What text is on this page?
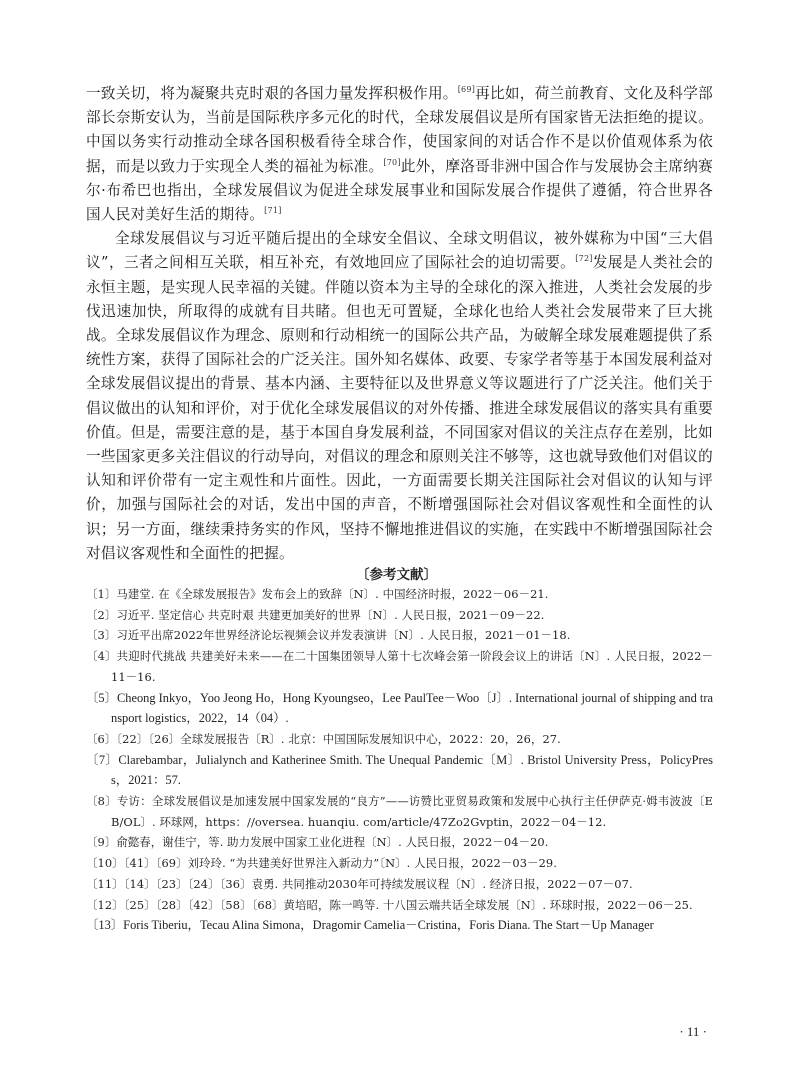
一致关切，将为凝聚共克时艰的各国力量发挥积极作用。[69]再比如，荷兰前教育、文化及科学部部长奈斯安认为，当前是国际秩序多元化的时代，全球发展倡议是所有国家皆无法拒绝的提议。中国以务实行动推动全球各国积极看待全球合作，使国家间的对话合作不是以价值观体系为依据，而是以致力于实现全人类的福祉为标准。[70]此外，摩洛哥非洲中国合作与发展协会主席纳赛尔·布希巴也指出，全球发展倡议为促进全球发展事业和国际发展合作提供了遵循，符合世界各国人民对美好生活的期待。[71]

全球发展倡议与习近平随后提出的全球安全倡议、全球文明倡议，被外媒称为中国“三大倡议”，三者之间相互关联，相互补充，有效地回应了国际社会的迫切需要。[72]发展是人类社会的永恒主题，是实现人民幸福的关键。伴随以资本为主导的全球化的深入推进，人类社会发展的步伐迅速加快，所取得的成就有目共睹。但也无可置疑，全球化也给人类社会发展带来了巨大挑战。全球发展倡议作为理念、原则和行动相统一的国际公共产品，为破解全球发展难题提供了系统性方案，获得了国际社会的广泛关注。国外知名媒体、政要、专家学者等基于本国发展利益对全球发展倡议提出的背景、基本内涵、主要特征以及世界意义等议题进行了广泛关注。他们关于倡议做出的认知和评价，对于优化全球发展倡议的对外传播、推进全球发展倡议的落实具有重要价值。但是，需要注意的是，基于本国自身发展利益，不同国家对倡议的关注点存在差别，比如一些国家更多关注倡议的行动导向，对倡议的理念和原则关注不够等，这也就导致他们对倡议的认知和评价带有一定主观性和片面性。因此，一方面需要长期关注国际社会对倡议的认知与评价，加强与国际社会的对话，发出中国的声音，不断增强国际社会对倡议客观性和全面性的认识；另一方面，继续秉持务实的作风，坚持不懈地推进倡议的实施，在实践中不断增强国际社会对倡议客观性和全面性的把握。

〔参考文献〕
〔1〕马建堂. 在《全球发展报告》发布会上的致辞〔N〕. 中国经济时报，2022－06－21.
〔2〕习近平. 坚定信心 共克时艰 共建更加美好的世界〔N〕. 人民日报，2021－09－22.
〔3〕习近平出席2022年世界经济论坛视频会议并发表演讲〔N〕. 人民日报，2021－01－18.
〔4〕共迎时代挑战 共建美好未来——在二十国集团领导人第十七次峰会第一阶段会议上的讲话〔N〕. 人民日报，2022－11－16.
〔5〕Cheong Inkyo，Yoo Jeong Ho，Hong Kyoungseo，Lee PaulTee－Woo〔J〕. International journal of shipping and transport logistics，2022，14（04）.
〔6〕〔22〕〔26〕全球发展报告〔R〕. 北京：中国国际发展知识中心，2022：20，26，27.
〔7〕Clarebambar，Julialynch and Katherinee Smith. The Unequal Pandemic〔M〕. Bristol University Press，PolicyPress，2021：57.
〔8〕专访：全球发展倡议是加速发展中国家发展的“良方”——访赞比亚贸易政策和发展中心执行主任伊萨克·姆韦波波〔EB/OL〕. 环球网，https：//oversea. huanqiu. com/article/47Zo2Gvptin，2022－04－12.
〔9〕俞懿春，谢佳宁，等. 助力发展中国家工业化进程〔N〕. 人民日报，2022－04－20.
〔10〕〔41〕〔69〕刘玲玲. “为共建美好世界注入新动力”〔N〕. 人民日报，2022－03－29.
〔11〕〔14〕〔23〕〔24〕〔36〕袁勇. 共同推动2030年可持续发展议程〔N〕. 经济日报，2022－07－07.
〔12〕〔25〕〔28〕〔42〕〔58〕〔68〕黄培昭，陈一鸣等. 十八国云端共话全球发展〔N〕. 环球时报，2022－06－25.
〔13〕Foris Tiberiu，Tecau Alina Simona，Dragomir Camelia－Cristina，Foris Diana. The Start－Up Manager
· 11 ·
